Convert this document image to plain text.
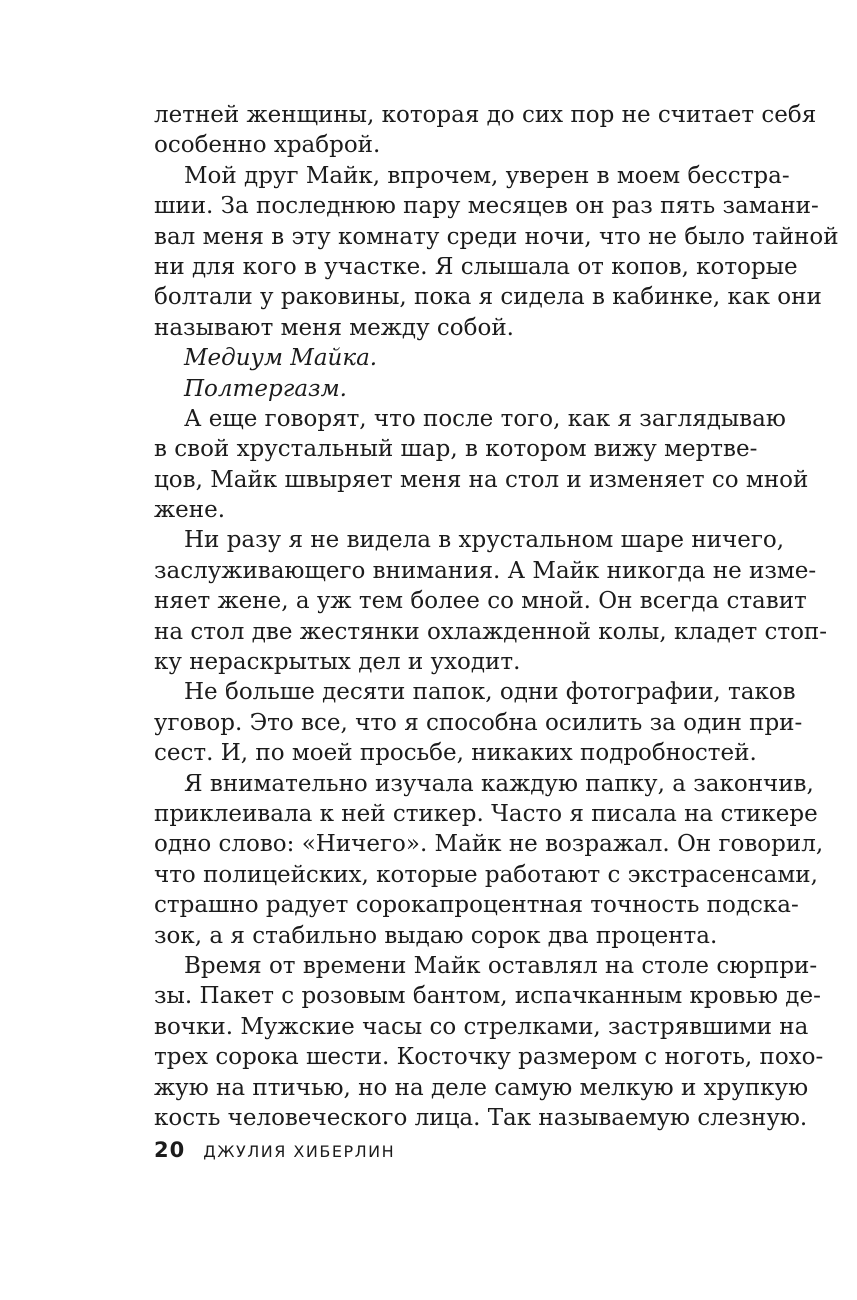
летней женщины, которая до сих пор не считает себя
особенно храброй.
Мой друг Майк, впрочем, уверен в моем бесстра-
шии. За последнюю пару месяцев он раз пять замани-
вал меня в эту комнату среди ночи, что не было тайной
ни для кого в участке. Я слышала от копов, которые
болтали у раковины, пока я сидела в кабинке, как они
называют меня между собой.
Медиум Майка.
Полтергазм.
А еще говорят, что после того, как я заглядываю
в свой хрустальный шар, в котором вижу мертве-
цов, Майк швыряет меня на стол и изменяет со мной
жене.
Ни разу я не видела в хрустальном шаре ничего,
заслуживающего внимания. А Майк никогда не изме-
няет жене, а уж тем более со мной. Он всегда ставит
на стол две жестянки охлажденной колы, кладет стоп-
ку нераскрытых дел и уходит.
Не больше десяти папок, одни фотографии, таков
уговор. Это все, что я способна осилить за один при-
сест. И, по моей просьбе, никаких подробностей.
Я внимательно изучала каждую папку, а закончив,
приклеивала к ней стикер. Часто я писала на стикере
одно слово: «Ничего». Майк не возражал. Он говорил,
что полицейских, которые работают с экстрасенсами,
страшно радует сорокапроцентная точность подска-
зок, а я стабильно выдаю сорок два процента.
Время от времени Майк оставлял на столе сюрпри-
зы. Пакет с розовым бантом, испачканным кровью де-
вочки. Мужские часы со стрелками, застрявшими на
трех сорока шести. Косточку размером с ноготь, похо-
жую на птичью, но на деле самую мелкую и хрупкую
кость человеческого лица. Так называемую слезную.
20 ДЖУЛИЯ ХИБЕРЛИН
